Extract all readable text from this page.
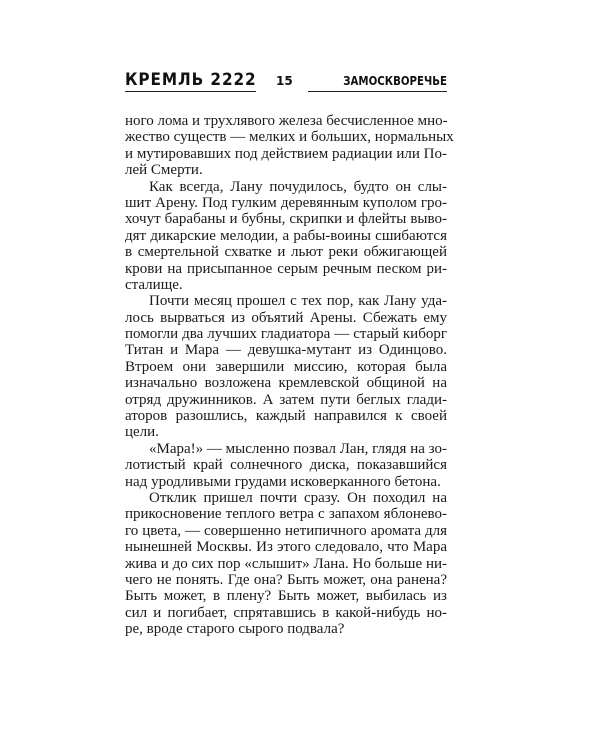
КРЕМЛЬ 2222 15	ЗАМОСКВОРЕЧЬЕ
ного лома и трухлявого железа бесчисленное мно-
жество существ — мелких и больших, нормальных
и мутировавших под действием радиации или По-
лей Смерти.
Как всегда, Лану почудилось, будто он слы-
шит Арену. Под гулким деревянным куполом гро-
хочут барабаны и бубны, скрипки и флейты выво-
дят дикарские мелодии, а рабы-воины сшибаются
в смертельной схватке и льют реки обжигающей
крови на присыпанное серым речным песком ри-
сталище.
Почти месяц прошел с тех пор, как Лану уда-
лось вырваться из объятий Арены. Сбежать ему
помогли два лучших гладиатора — старый киборг
Титан и Мара — девушка-мутант из Одинцово.
Втроем они завершили миссию, которая была
изначально возложена кремлевской общиной на
отряд дружинников. А затем пути беглых глади-
аторов разошлись, каждый направился к своей
цели.
«Мара!» — мысленно позвал Лан, глядя на зо-
лотистый край солнечного диска, показавшийся
над уродливыми грудами исковерканного бетона.
Отклик пришел почти сразу. Он походил на
прикосновение теплого ветра с запахом яблонево-
го цвета, — совершенно нетипичного аромата для
нынешней Москвы. Из этого следовало, что Мара
жива и до сих пор «слышит» Лана. Но больше ни-
чего не понять. Где она? Быть может, она ранена?
Быть может, в плену? Быть может, выбилась из
сил и погибает, спрятавшись в какой-нибудь но-
ре, вроде старого сырого подвала?
